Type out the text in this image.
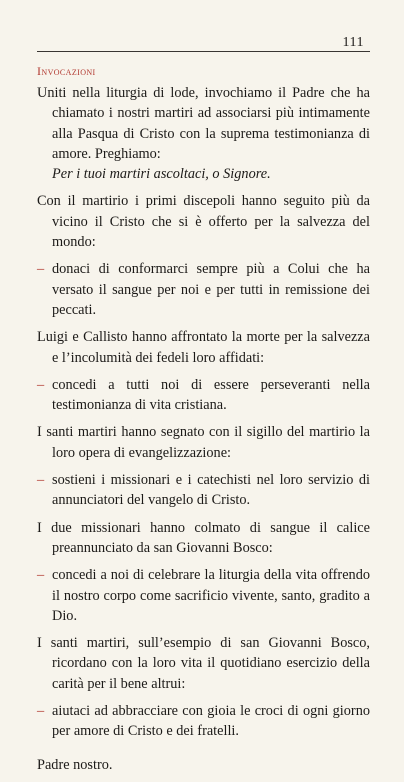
111
Invocazioni

Uniti nella liturgia di lode, invochiamo il Padre che ha chiamato i nostri martiri ad associarsi più intimamente alla Pasqua di Cristo con la suprema testimonianza di amore. Preghiamo:
Per i tuoi martiri ascoltaci, o Signore.

Con il martirio i primi discepoli hanno seguito più da vicino il Cristo che si è offerto per la salvezza del mondo:

– donaci di conformarci sempre più a Colui che ha versato il sangue per noi e per tutti in remissione dei peccati.

Luigi e Callisto hanno affrontato la morte per la salvezza e l’incolumità dei fedeli loro affidati:

– concedi a tutti noi di essere perseveranti nella testimonianza di vita cristiana.

I santi martiri hanno segnato con il sigillo del martirio la loro opera di evangelizzazione:

– sostieni i missionari e i catechisti nel loro servizio di annunciatori del vangelo di Cristo.

I due missionari hanno colmato di sangue il calice preannunciato da san Giovanni Bosco:

– concedi a noi di celebrare la liturgia della vita offrendo il nostro corpo come sacrificio vivente, santo, gradito a Dio.

I santi martiri, sull’esempio di san Giovanni Bosco, ricordano con la loro vita il quotidiano esercizio della carità per il bene altrui:

– aiutaci ad abbracciare con gioia le croci di ogni giorno per amore di Cristo e dei fratelli.

Padre nostro.
